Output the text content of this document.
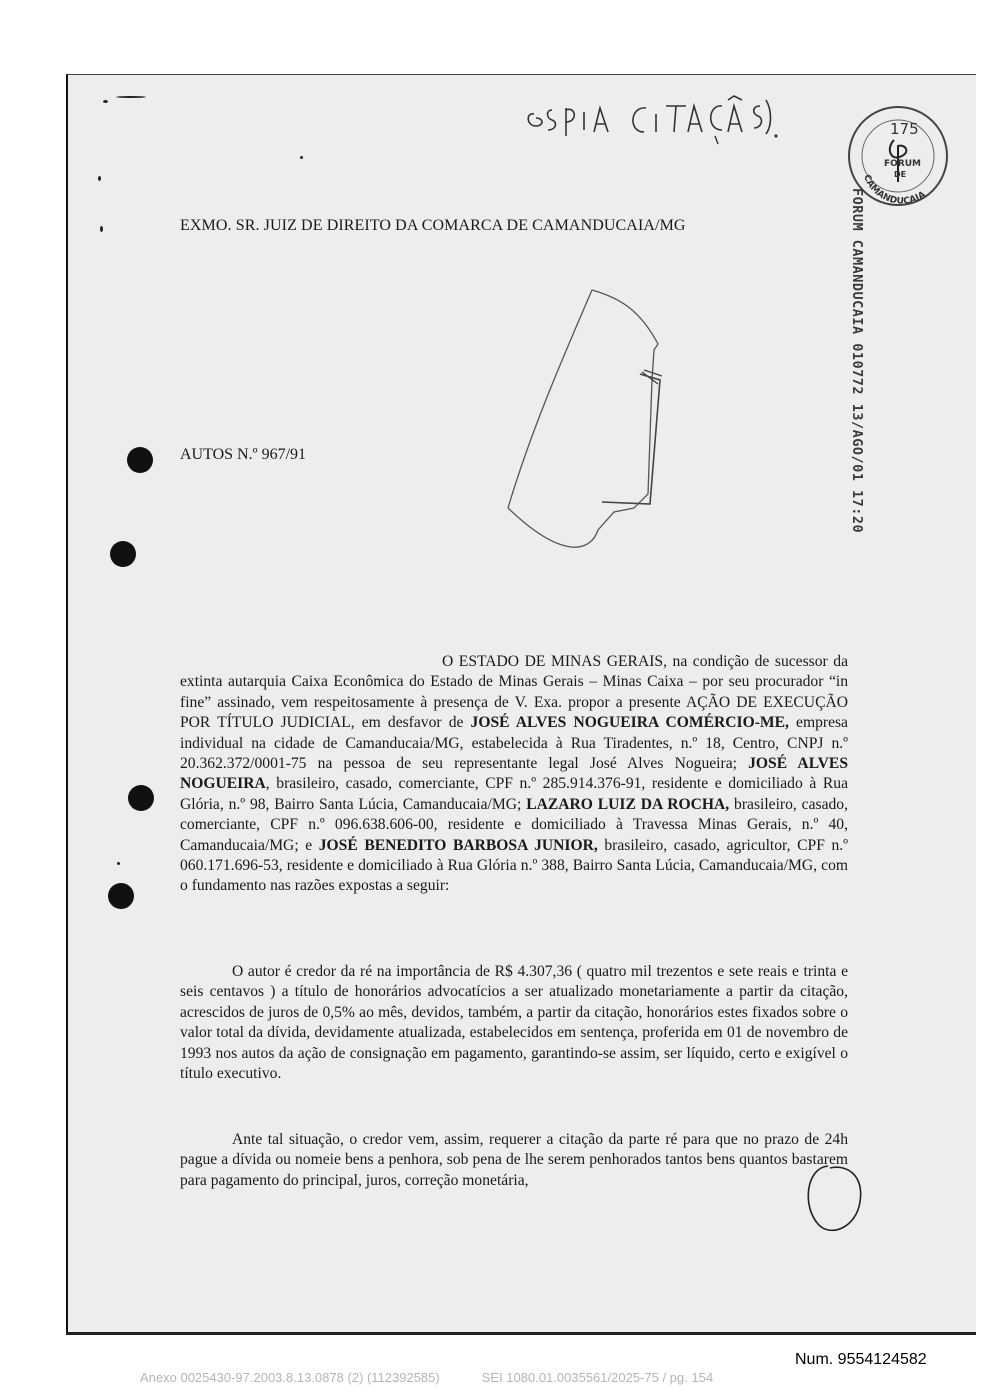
175
FORUM
DE
CAMANDUCAIA
FORUM CAMANDUCAIA 010772 13/AGO/01 17:20
EXMO. SR. JUIZ DE DIREITO DA COMARCA DE CAMANDUCAIA/MG
AUTOS N.º 967/91
O ESTADO DE MINAS GERAIS, na condição de sucessor da extinta autarquia Caixa Econômica do Estado de Minas Gerais – Minas Caixa – por seu procurador “in fine” assinado, vem respeitosamente à presença de V. Exa. propor a presente AÇÃO DE EXECUÇÃO POR TÍTULO JUDICIAL, em desfavor de JOSÉ ALVES NOGUEIRA COMÉRCIO-ME, empresa individual na cidade de Camanducaia/MG, estabelecida à Rua Tiradentes, n.º 18, Centro, CNPJ n.º 20.362.372/0001-75 na pessoa de seu representante legal José Alves Nogueira; JOSÉ ALVES NOGUEIRA, brasileiro, casado, comerciante, CPF n.º 285.914.376-91, residente e domiciliado à Rua Glória, n.º 98, Bairro Santa Lúcia, Camanducaia/MG; LAZARO LUIZ DA ROCHA, brasileiro, casado, comerciante, CPF n.º 096.638.606-00, residente e domiciliado à Travessa Minas Gerais, n.º 40, Camanducaia/MG; e JOSÉ BENEDITO BARBOSA JUNIOR, brasileiro, casado, agricultor, CPF n.º 060.171.696-53, residente e domiciliado à Rua Glória n.º 388, Bairro Santa Lúcia, Camanducaia/MG, com o fundamento nas razões expostas a seguir:
O autor é credor da ré na importância de R$ 4.307,36 ( quatro mil trezentos e sete reais e trinta e seis centavos ) a título de honorários advocatícios a ser atualizado monetariamente a partir da citação, acrescidos de juros de 0,5% ao mês, devidos, também, a partir da citação, honorários estes fixados sobre o valor total da dívida, devidamente atualizada, estabelecidos em sentença, proferida em 01 de novembro de 1993 nos autos da ação de consignação em pagamento, garantindo-se assim, ser líquido, certo e exigível o título executivo.
Ante tal situação, o credor vem, assim, requerer a citação da parte ré para que no prazo de 24h pague a dívida ou nomeie bens a penhora, sob pena de lhe serem penhorados tantos bens quantos bastarem para pagamento do principal, juros, correção monetária,
Num. 9554124582
Anexo 0025430-97.2003.8.13.0878 (2) (112392585)	SEI 1080.01.0035561/2025-75 / pg. 154
